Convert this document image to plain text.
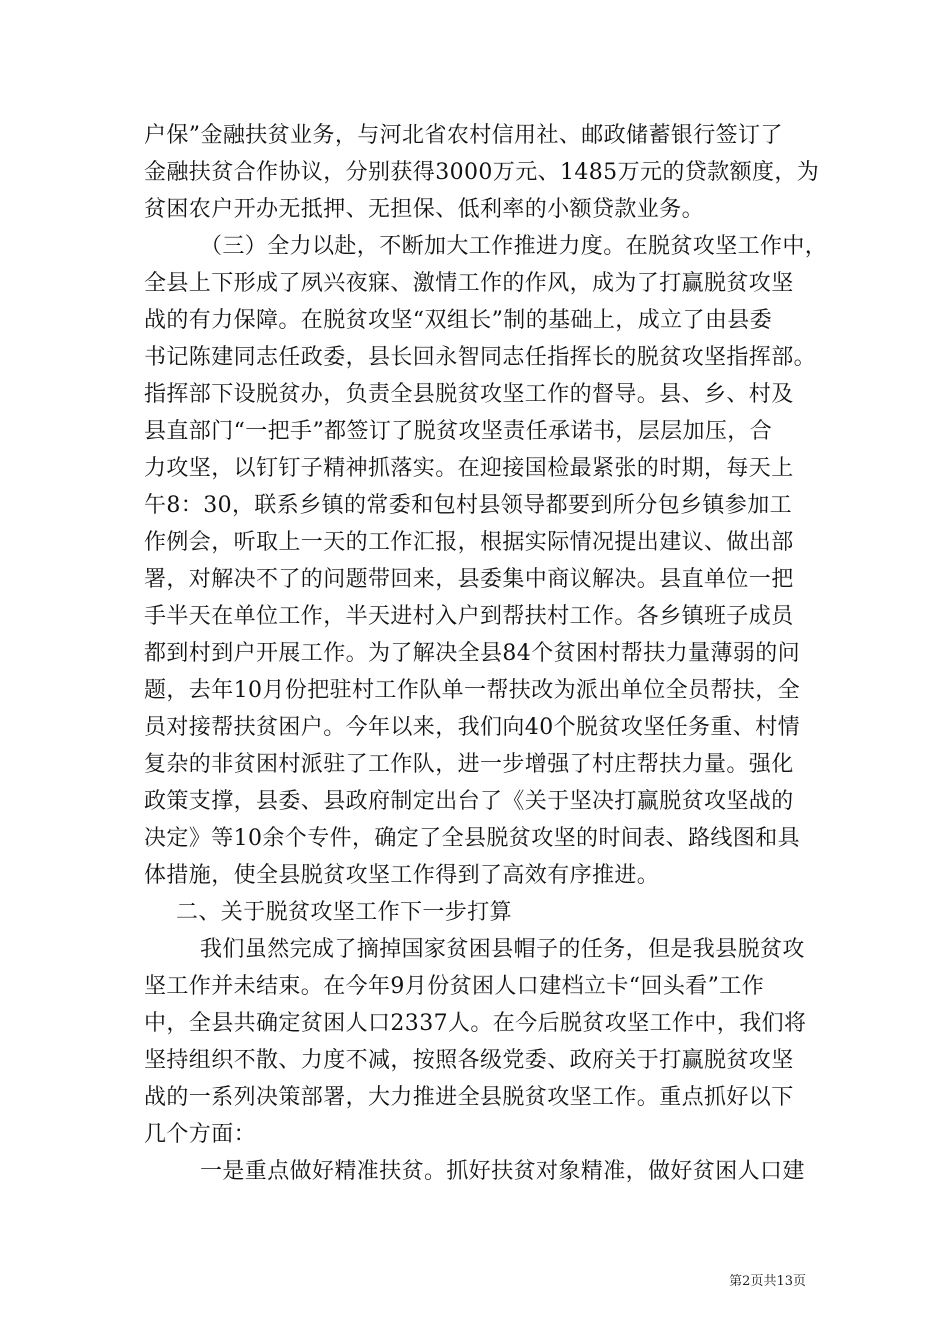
户保”金融扶贫业务，与河北省农村信用社、邮政储蓄银行签订了
金融扶贫合作协议，分别获得3000万元、1485万元的贷款额度，为
贫困农户开办无抵押、无担保、低利率的小额贷款业务。
（三）全力以赴，不断加大工作推进力度。在脱贫攻坚工作中，
全县上下形成了夙兴夜寐、激情工作的作风，成为了打赢脱贫攻坚
战的有力保障。在脱贫攻坚“双组长”制的基础上，成立了由县委
书记陈建同志任政委，县长回永智同志任指挥长的脱贫攻坚指挥部。
指挥部下设脱贫办，负责全县脱贫攻坚工作的督导。县、乡、村及
县直部门“一把手”都签订了脱贫攻坚责任承诺书，层层加压，合
力攻坚，以钉钉子精神抓落实。在迎接国检最紧张的时期，每天上
午8：30，联系乡镇的常委和包村县领导都要到所分包乡镇参加工
作例会，听取上一天的工作汇报，根据实际情况提出建议、做出部
署，对解决不了的问题带回来，县委集中商议解决。县直单位一把
手半天在单位工作，半天进村入户到帮扶村工作。各乡镇班子成员
都到村到户开展工作。为了解决全县84个贫困村帮扶力量薄弱的问
题，去年10月份把驻村工作队单一帮扶改为派出单位全员帮扶，全
员对接帮扶贫困户。今年以来，我们向40个脱贫攻坚任务重、村情
复杂的非贫困村派驻了工作队，进一步增强了村庄帮扶力量。强化
政策支撑，县委、县政府制定出台了《关于坚决打赢脱贫攻坚战的
决定》等10余个专件，确定了全县脱贫攻坚的时间表、路线图和具
体措施，使全县脱贫攻坚工作得到了高效有序推进。
二、关于脱贫攻坚工作下一步打算
我们虽然完成了摘掉国家贫困县帽子的任务，但是我县脱贫攻
坚工作并未结束。在今年9月份贫困人口建档立卡“回头看”工作
中，全县共确定贫困人口2337人。在今后脱贫攻坚工作中，我们将
坚持组织不散、力度不减，按照各级党委、政府关于打赢脱贫攻坚
战的一系列决策部署，大力推进全县脱贫攻坚工作。重点抓好以下
几个方面：
一是重点做好精准扶贫。抓好扶贫对象精准，做好贫困人口建
第2页共13页
